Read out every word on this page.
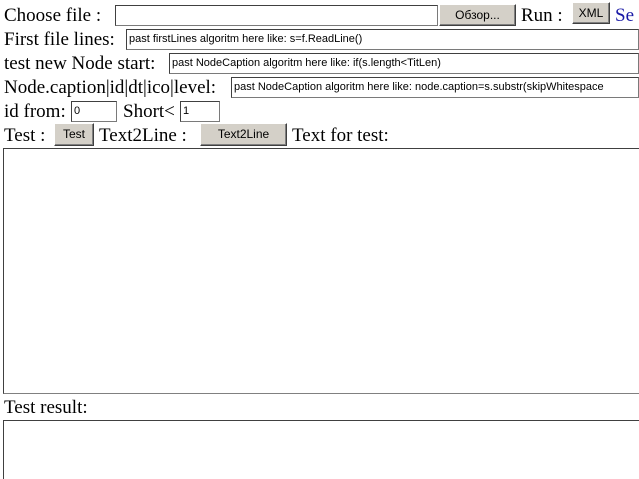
Choose file :	Обзор...	Run :	XML Se
First file lines: past firstLines algoritm here like: s=f.ReadLine()
test new Node start: past NodeCaption algoritm here like: if(s.length<TitLen)
Node.caption|id|dt|ico|level: past NodeCaption algoritm here like: node.caption=s.substr(skipWhitespace
id from: 0	Short< 1
Test :	Test Text2Line :	Text2Line	Text for test:
Test result:
